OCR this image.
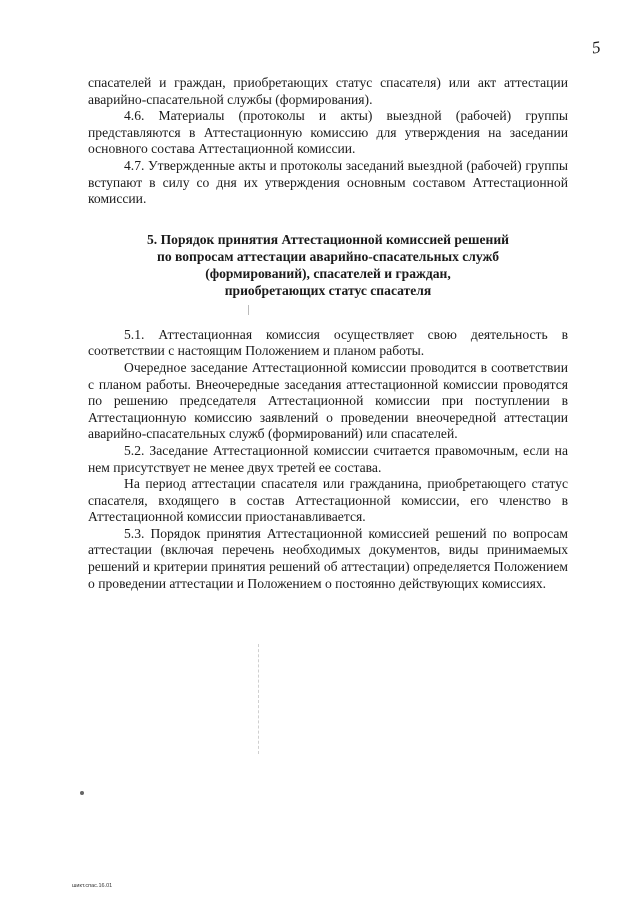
5

спасателей и граждан, приобретающих статус спасателя) или акт аттестации аварийно-спасательной службы (формирования).

4.6. Материалы (протоколы и акты) выездной (рабочей) группы представляются в Аттестационную комиссию для утверждения на заседании основного состава Аттестационной комиссии.

4.7. Утвержденные акты и протоколы заседаний выездной (рабочей) группы вступают в силу со дня их утверждения основным составом Аттестационной комиссии.

5. Порядок принятия Аттестационной комиссией решений

по вопросам аттестации аварийно-спасательных служб

(формирований), спасателей и граждан,

приобретающих статус спасателя

5.1. Аттестационная комиссия осуществляет свою деятельность в соответствии с настоящим Положением и планом работы.

Очередное заседание Аттестационной комиссии проводится в соответствии с планом работы. Внеочередные заседания аттестационной комиссии проводятся по решению председателя Аттестационной комиссии при поступлении в Аттестационную комиссию заявлений о проведении внеочередной аттестации аварийно-спасательных служб (формирований) или спасателей.

5.2. Заседание Аттестационной комиссии считается правомочным, если на нем присутствует не менее двух третей ее состава.

На период аттестации спасателя или гражданина, приобретающего статус спасателя, входящего в состав Аттестационной комиссии, его членство в Аттестационной комиссии приостанавливается.

5.3. Порядок принятия Аттестационной комиссией решений по вопросам аттестации (включая перечень необходимых документов, виды принимаемых решений и критерии принятия решений об аттестации) определяется Положением о проведении аттестации и Положением о постоянно действующих комиссиях.

шикт.спас.16.01
